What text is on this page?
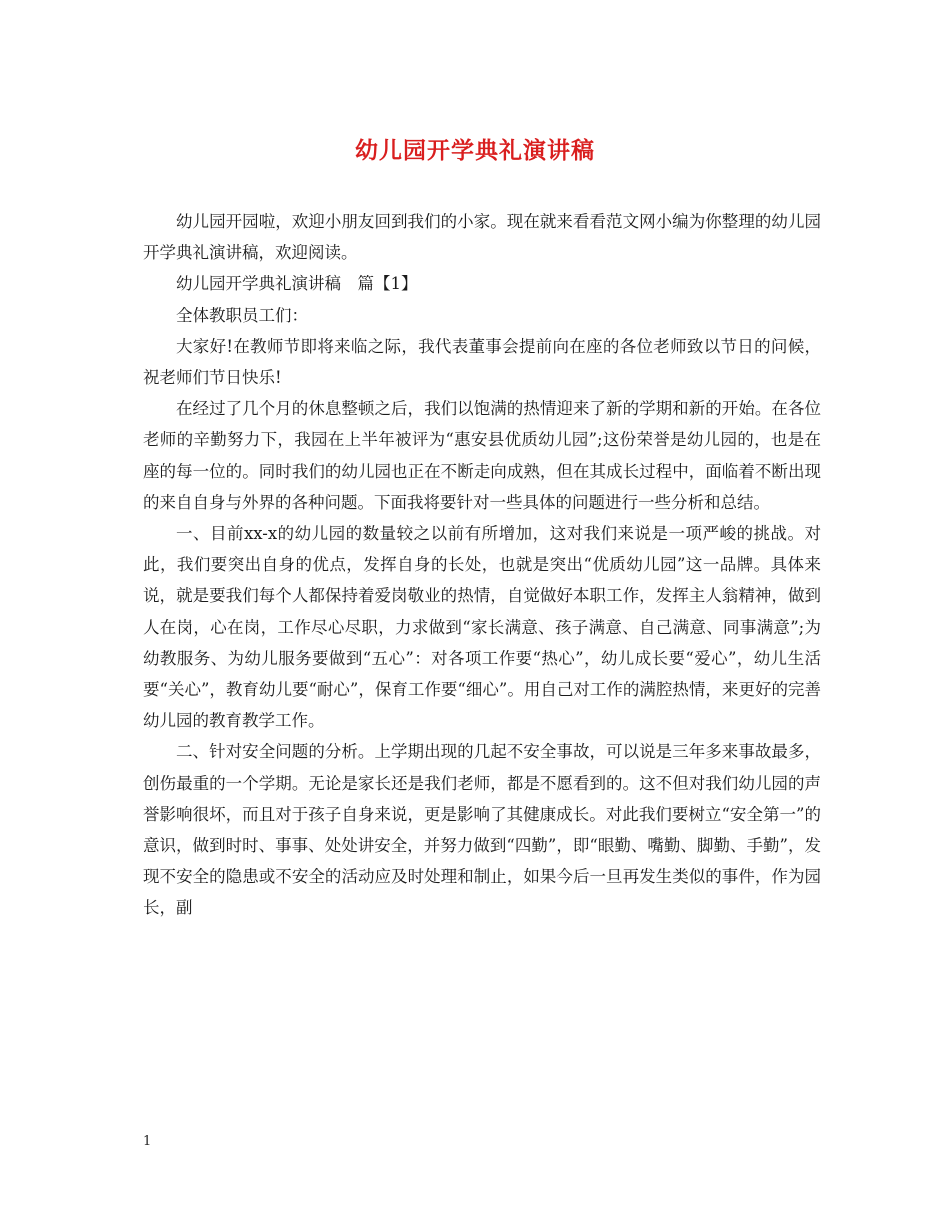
幼儿园开学典礼演讲稿

幼儿园开园啦，欢迎小朋友回到我们的小家。现在就来看看范文网小编为你整理的幼儿园开学典礼演讲稿，欢迎阅读。

幼儿园开学典礼演讲稿　篇【1】

全体教职员工们：

大家好!在教师节即将来临之际，我代表董事会提前向在座的各位老师致以节日的问候，祝老师们节日快乐!

在经过了几个月的休息整顿之后，我们以饱满的热情迎来了新的学期和新的开始。在各位老师的辛勤努力下，我园在上半年被评为“惠安县优质幼儿园”;这份荣誉是幼儿园的，也是在座的每一位的。同时我们的幼儿园也正在不断走向成熟，但在其成长过程中，面临着不断出现的来自自身与外界的各种问题。下面我将要针对一些具体的问题进行一些分析和总结。

一、目前xx-x的幼儿园的数量较之以前有所增加，这对我们来说是一项严峻的挑战。对此，我们要突出自身的优点，发挥自身的长处，也就是突出“优质幼儿园”这一品牌。具体来说，就是要我们每个人都保持着爱岗敬业的热情，自觉做好本职工作，发挥主人翁精神，做到人在岗，心在岗，工作尽心尽职，力求做到“家长满意、孩子满意、自己满意、同事满意”;为幼教服务、为幼儿服务要做到“五心”：对各项工作要“热心”，幼儿成长要“爱心”，幼儿生活要“关心”，教育幼儿要“耐心”，保育工作要“细心”。用自己对工作的满腔热情，来更好的完善幼儿园的教育教学工作。

二、针对安全问题的分析。上学期出现的几起不安全事故，可以说是三年多来事故最多，创伤最重的一个学期。无论是家长还是我们老师，都是不愿看到的。这不但对我们幼儿园的声誉影响很坏，而且对于孩子自身来说，更是影响了其健康成长。对此我们要树立“安全第一”的意识，做到时时、事事、处处讲安全，并努力做到“四勤”，即“眼勤、嘴勤、脚勤、手勤”，发现不安全的隐患或不安全的活动应及时处理和制止，如果今后一旦再发生类似的事件，作为园长，副

1
